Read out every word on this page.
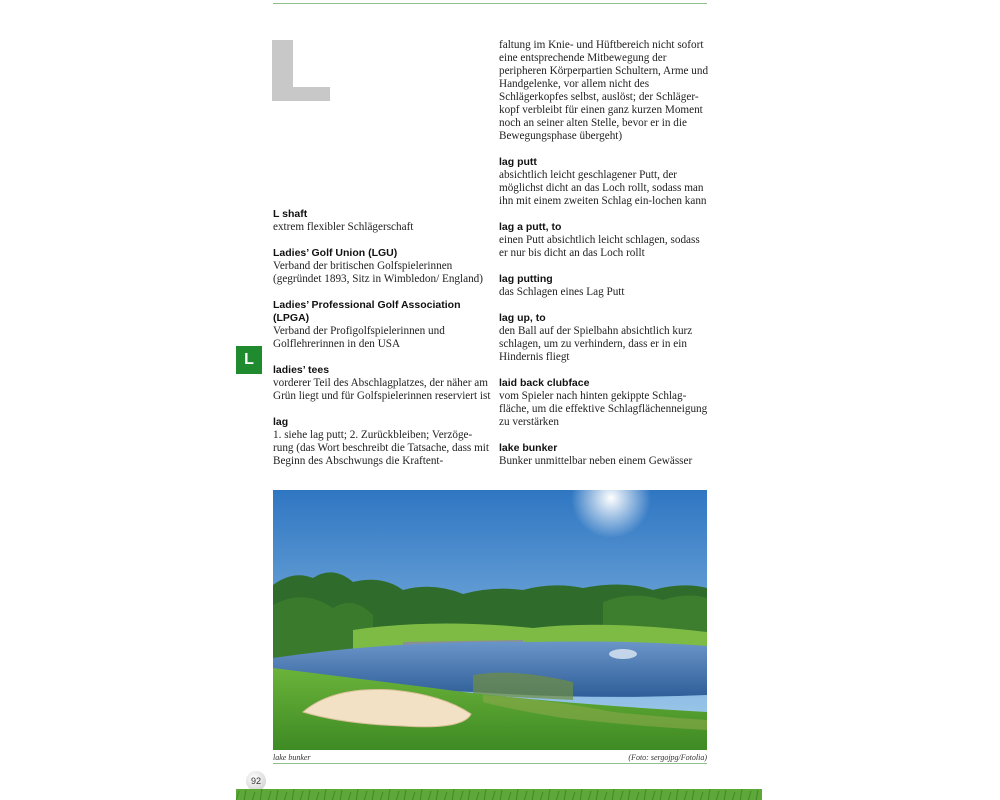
L shaft
extrem flexibler Schlägerschaft
Ladies’ Golf Union (LGU)
Verband der britischen Golfspielerinnen (gegründet 1893, Sitz in Wimbledon/ England)
Ladies’ Professional Golf Association (LPGA)
Verband der Profigolfspielerinnen und Golflehrerinnen in den USA
ladies’ tees
vorderer Teil des Abschlagplatzes, der näher am Grün liegt und für Golfspielerinnen reserviert ist
lag
1. siehe lag putt; 2. Zurückbleiben; Verzöge-rung (das Wort beschreibt die Tatsache, dass mit Beginn des Abschwungs die Kraftent-
faltung im Knie- und Hüftbereich nicht sofort eine entsprechende Mitbewegung der peripheren Körperpartien Schultern, Arme und Handgelenke, vor allem nicht des Schlägerkopfes selbst, auslöst; der Schläger-kopf verbleibt für einen ganz kurzen Moment noch an seiner alten Stelle, bevor er in die Bewegungsphase übergeht)
lag putt
absichtlich leicht geschlagener Putt, der möglichst dicht an das Loch rollt, sodass man ihn mit einem zweiten Schlag ein-lochen kann
lag a putt, to
einen Putt absichtlich leicht schlagen, sodass er nur bis dicht an das Loch rollt
lag putting
das Schlagen eines Lag Putt
lag up, to
den Ball auf der Spielbahn absichtlich kurz schlagen, um zu verhindern, dass er in ein Hindernis fliegt
laid back clubface
vom Spieler nach hinten gekippte Schlag-fläche, um die effektive Schlagflächenneigung zu verstärken
lake bunker
Bunker unmittelbar neben einem Gewässer
L
lake bunker	(Foto: sergojpg/Fotolia)
92
